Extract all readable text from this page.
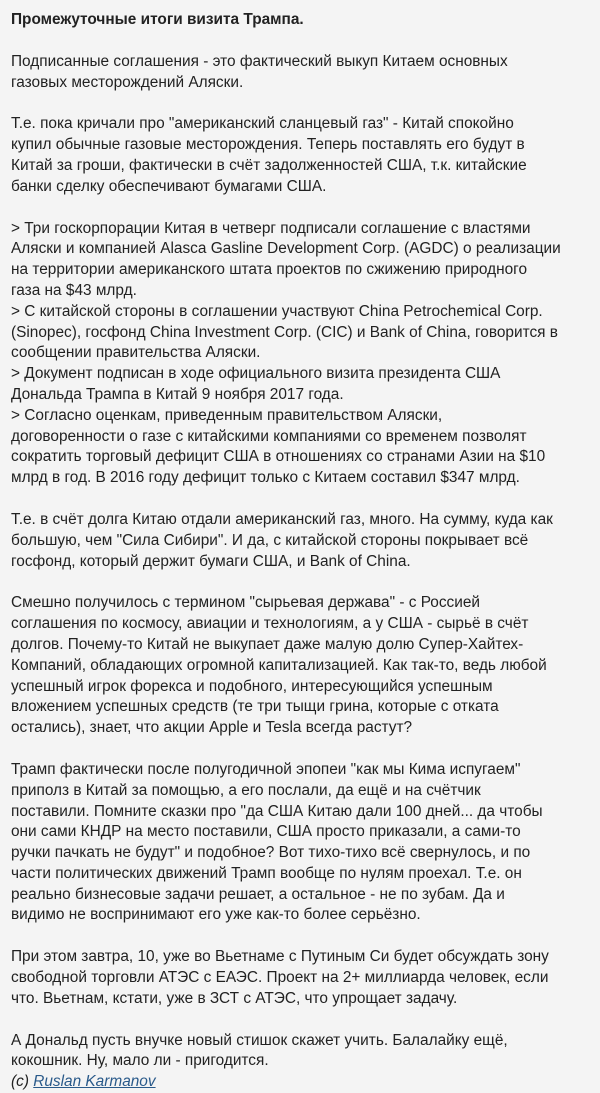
Промежуточные итоги визита Трампа.
Подписанные соглашения - это фактический выкуп Китаем основных
газовых месторождений Аляски.
Т.е. пока кричали про "американский сланцевый газ" - Китай спокойно
купил обычные газовые месторождения. Теперь поставлять его будут в
Китай за гроши, фактически в счёт задолженностей США, т.к. китайские
банки сделку обеспечивают бумагами США.
> Три госкорпорации Китая в четверг подписали соглашение с властями
Аляски и компанией Alasca Gasline Development Corp. (AGDC) о реализации
на территории американского штата проектов по сжижению природного
газа на $43 млрд.
> С китайской стороны в соглашении участвуют China Petrochemical Corp.
(Sinopec), госфонд China Investment Corp. (CIC) и Bank of China, говорится в
сообщении правительства Аляски.
> Документ подписан в ходе официального визита президента США
Дональда Трампа в Китай 9 ноября 2017 года.
> Согласно оценкам, приведенным правительством Аляски,
договоренности о газе с китайскими компаниями со временем позволят
сократить торговый дефицит США в отношениях со странами Азии на $10
млрд в год. В 2016 году дефицит только с Китаем составил $347 млрд.
Т.е. в счёт долга Китаю отдали американский газ, много. На сумму, куда как
большую, чем "Сила Сибири". И да, с китайской стороны покрывает всё
госфонд, который держит бумаги США, и Bank of China.
Смешно получилось с термином "сырьевая держава" - с Россией
соглашения по космосу, авиации и технологиям, а у США - сырьё в счёт
долгов. Почему-то Китай не выкупает даже малую долю Супер-Хайтех-
Компаний, обладающих огромной капитализацией. Как так-то, ведь любой
успешный игрок форекса и подобного, интересующийся успешным
вложением успешных средств (те три тыщи грина, которые с отката
остались), знает, что акции Apple и Tesla всегда растут?
Трамп фактически после полугодичной эпопеи "как мы Кима испугаем"
приполз в Китай за помощью, а его послали, да ещё и на счётчик
поставили. Помните сказки про "да США Китаю дали 100 дней... да чтобы
они сами КНДР на место поставили, США просто приказали, а сами-то
ручки пачкать не будут" и подобное? Вот тихо-тихо всё свернулось, и по
части политических движений Трамп вообще по нулям проехал. Т.е. он
реально бизнесовые задачи решает, а остальное - не по зубам. Да и
видимо не воспринимают его уже как-то более серьёзно.
При этом завтра, 10, уже во Вьетнаме с Путиным Си будет обсуждать зону
свободной торговли АТЭС с ЕАЭС. Проект на 2+ миллиарда человек, если
что. Вьетнам, кстати, уже в ЗСТ с АТЭС, что упрощает задачу.
А Дональд пусть внучке новый стишок скажет учить. Балалайку ещё,
кокошник. Ну, мало ли - пригодится.
(c) Ruslan Karmanov
